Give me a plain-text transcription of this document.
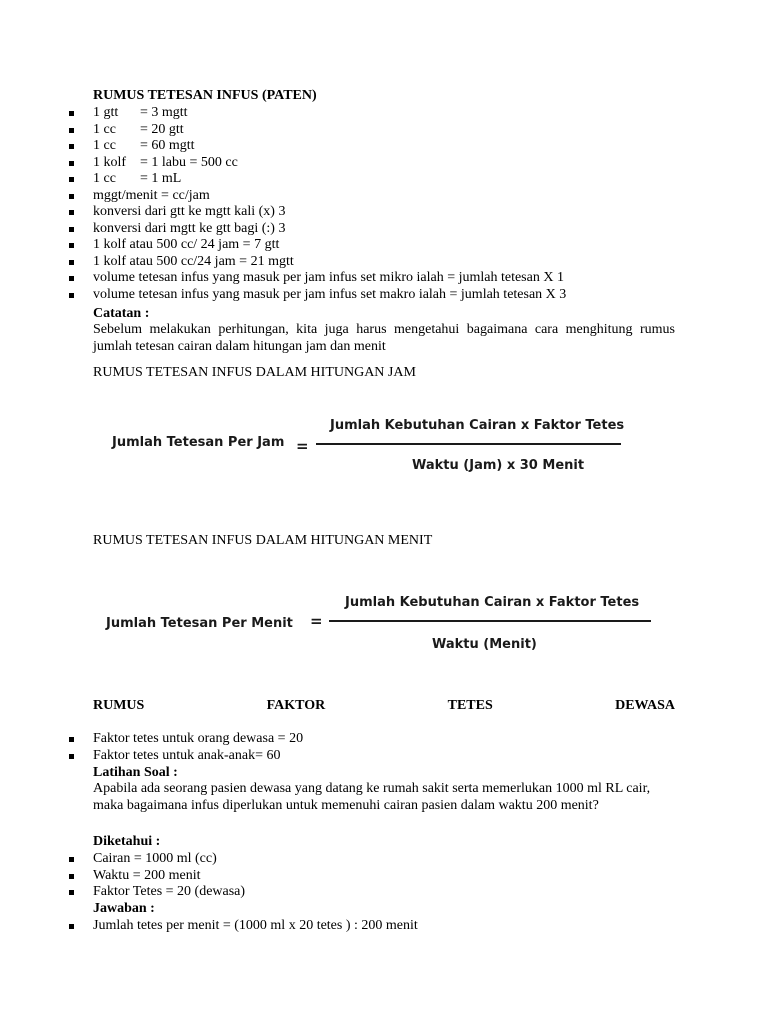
RUMUS TETESAN INFUS (PATEN)
1 gtt = 3 mgtt
1 cc = 20 gtt
1 cc = 60 mgtt
1 kolf = 1 labu = 500 cc
1 cc = 1 mL
mggt/menit = cc/jam
konversi dari gtt ke mgtt kali (x) 3
konversi dari mgtt ke gtt bagi (:) 3
1 kolf atau 500 cc/ 24 jam = 7 gtt
1 kolf atau 500 cc/24 jam = 21 mgtt
volume tetesan infus yang masuk per jam infus set mikro ialah = jumlah tetesan X 1
volume tetesan infus yang masuk per jam infus set makro ialah = jumlah tetesan X 3
Catatan :
Sebelum melakukan perhitungan, kita juga harus mengetahui bagaimana cara menghitung rumus jumlah tetesan cairan dalam hitungan jam dan menit
RUMUS TETESAN INFUS DALAM HITUNGAN JAM
Jumlah Tetesan Per Jam =
Jumlah Kebutuhan Cairan x Faktor Tetes
Waktu (Jam) x 30 Menit
RUMUS TETESAN INFUS DALAM HITUNGAN MENIT
Jumlah Tetesan Per Menit =
Jumlah Kebutuhan Cairan x Faktor Tetes
Waktu (Menit)
RUMUS	FAKTOR	TETES	DEWASA
Faktor tetes untuk orang dewasa = 20
Faktor tetes untuk anak-anak= 60
Latihan Soal :
Apabila ada seorang pasien dewasa yang datang ke rumah sakit serta memerlukan 1000 ml RL cair, maka bagaimana infus diperlukan untuk memenuhi cairan pasien dalam waktu 200 menit?
Diketahui :
Cairan = 1000 ml (cc)
Waktu = 200 menit
Faktor Tetes = 20 (dewasa)
Jawaban :
Jumlah tetes per menit = (1000 ml x 20 tetes ) : 200 menit
